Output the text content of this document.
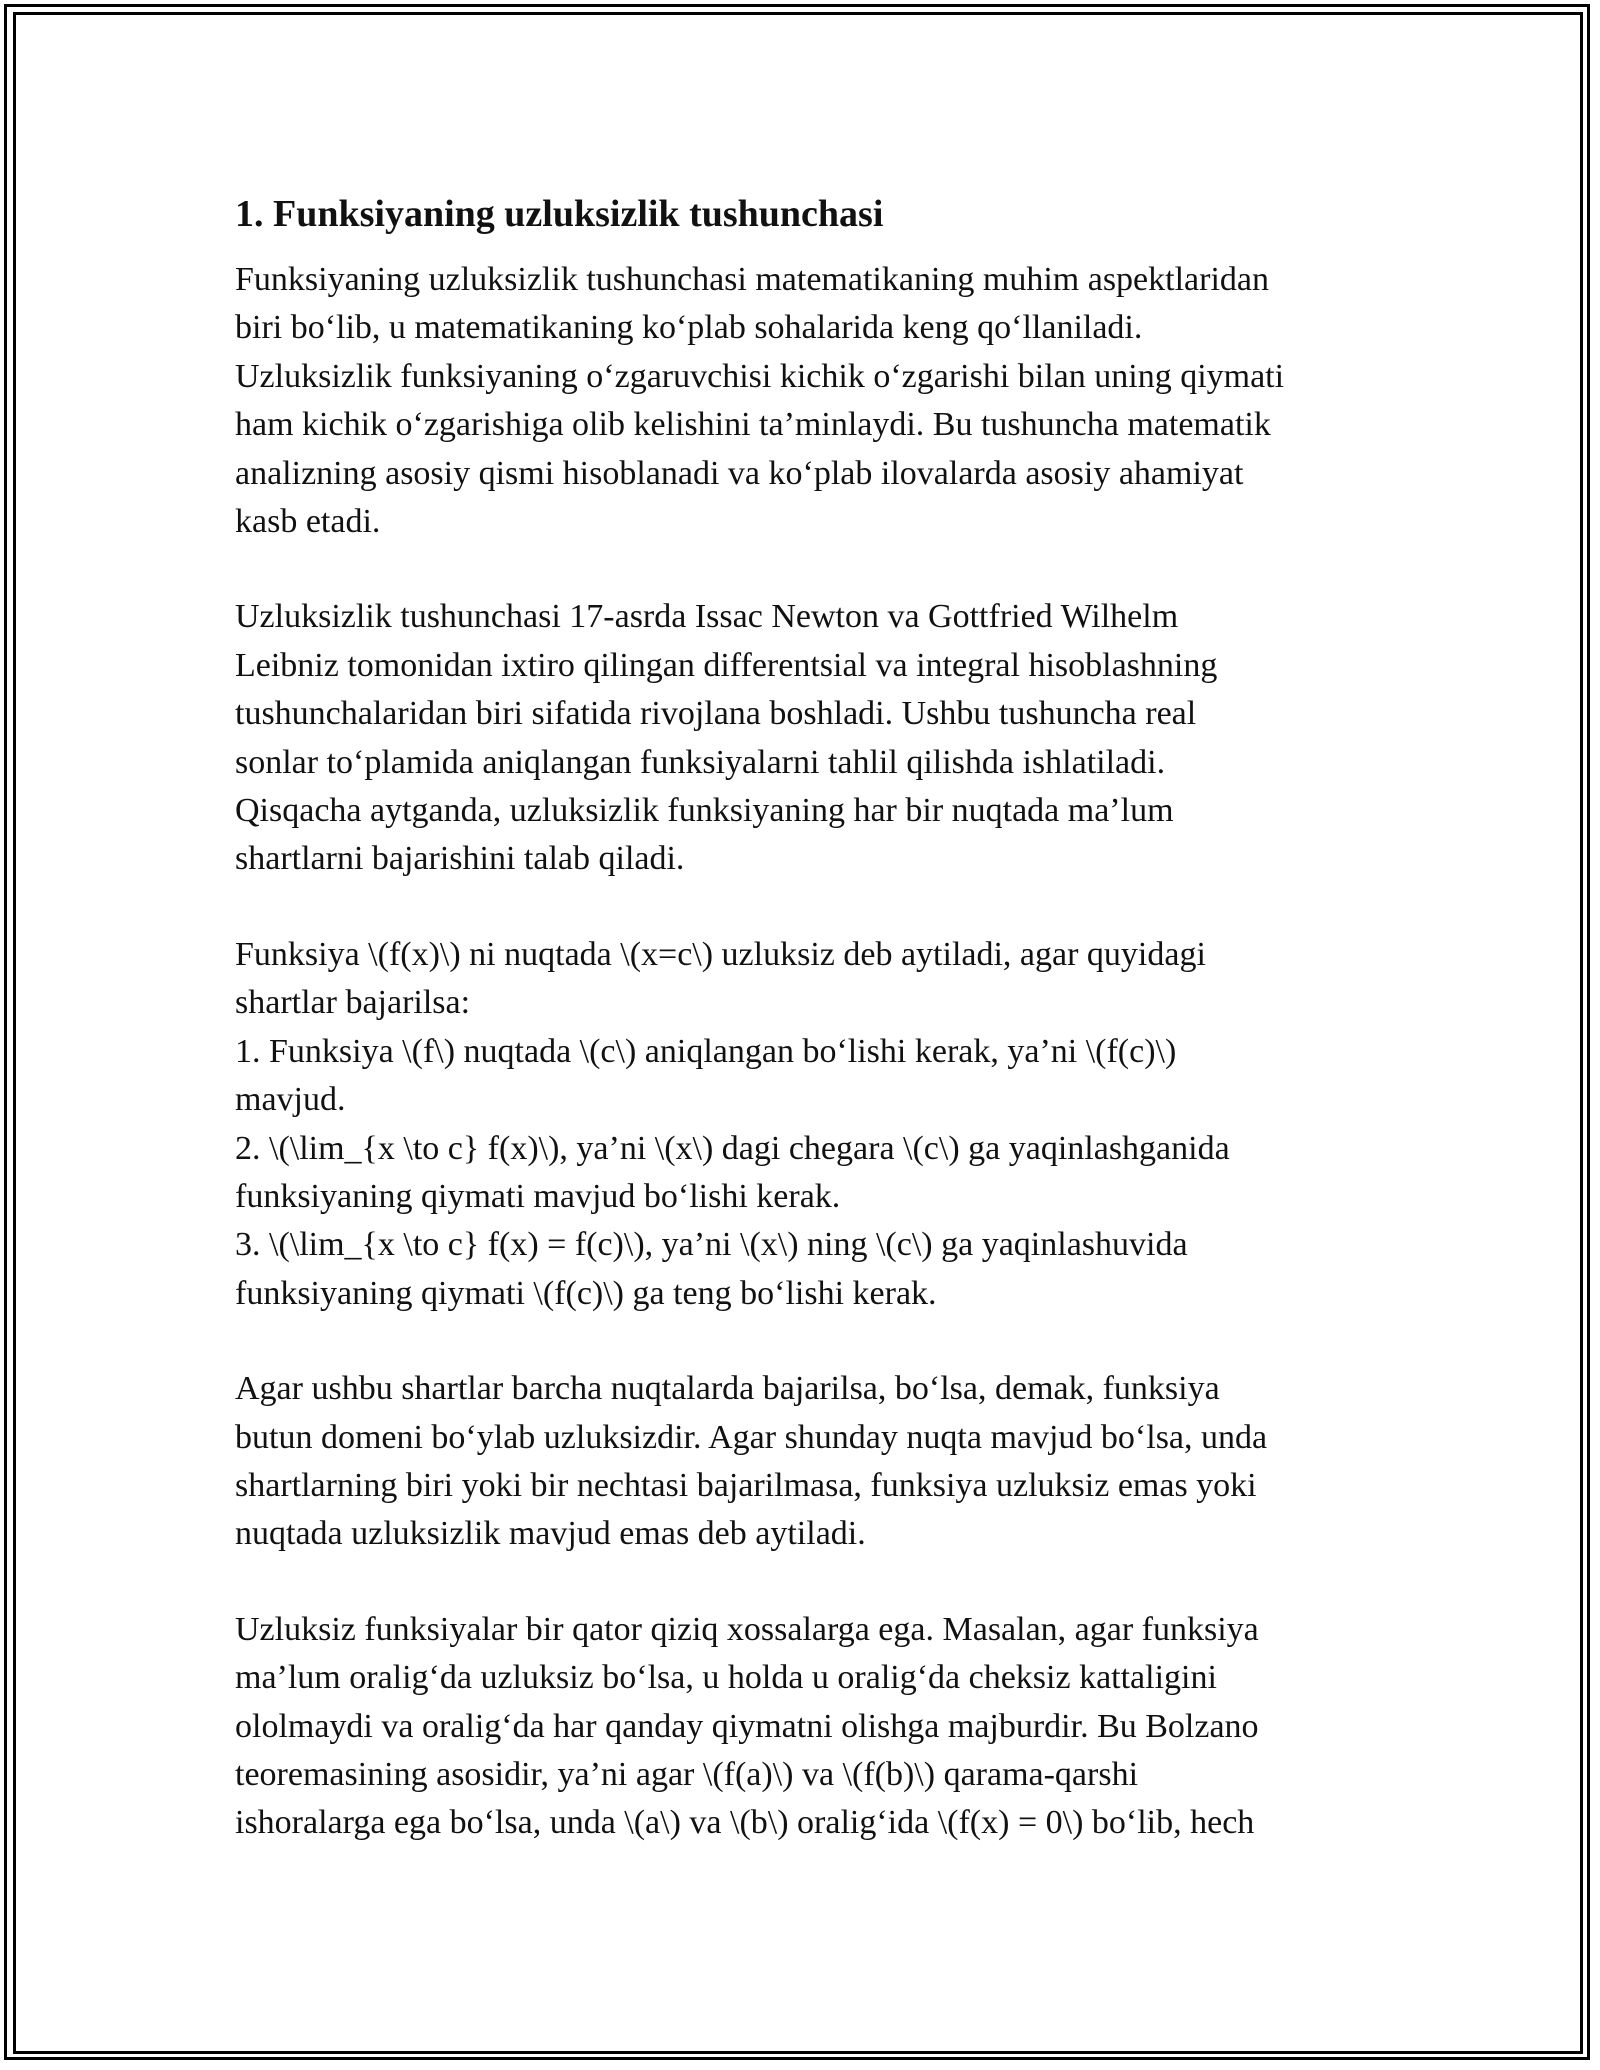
1. Funksiyaning uzluksizlik tushunchasi

Funksiyaning uzluksizlik tushunchasi matematikaning muhim aspektlaridan
biri bo‘lib, u matematikaning ko‘plab sohalarida keng qo‘llaniladi.
Uzluksizlik funksiyaning o‘zgaruvchisi kichik o‘zgarishi bilan uning qiymati
ham kichik o‘zgarishiga olib kelishini ta’minlaydi. Bu tushuncha matematik
analizning asosiy qismi hisoblanadi va ko‘plab ilovalarda asosiy ahamiyat
kasb etadi.

Uzluksizlik tushunchasi 17-asrda Issac Newton va Gottfried Wilhelm
Leibniz tomonidan ixtiro qilingan differentsial va integral hisoblashning
tushunchalaridan biri sifatida rivojlana boshladi. Ushbu tushuncha real
sonlar to‘plamida aniqlangan funksiyalarni tahlil qilishda ishlatiladi.
Qisqacha aytganda, uzluksizlik funksiyaning har bir nuqtada ma’lum
shartlarni bajarishini talab qiladi.

Funksiya \(f(x)\) ni nuqtada \(x=c\) uzluksiz deb aytiladi, agar quyidagi
shartlar bajarilsa:
1. Funksiya \(f\) nuqtada \(c\) aniqlangan bo‘lishi kerak, ya’ni \(f(c)\)
mavjud.
2. \(\lim_{x \to c} f(x)\), ya’ni \(x\) dagi chegara \(c\) ga yaqinlashganida
funksiyaning qiymati mavjud bo‘lishi kerak.
3. \(\lim_{x \to c} f(x) = f(c)\), ya’ni \(x\) ning \(c\) ga yaqinlashuvida
funksiyaning qiymati \(f(c)\) ga teng bo‘lishi kerak.

Agar ushbu shartlar barcha nuqtalarda bajarilsa, bo‘lsa, demak, funksiya
butun domeni bo‘ylab uzluksizdir. Agar shunday nuqta mavjud bo‘lsa, unda
shartlarning biri yoki bir nechtasi bajarilmasa, funksiya uzluksiz emas yoki
nuqtada uzluksizlik mavjud emas deb aytiladi.

Uzluksiz funksiyalar bir qator qiziq xossalarga ega. Masalan, agar funksiya
ma’lum oralig‘da uzluksiz bo‘lsa, u holda u oralig‘da cheksiz kattaligini
ololmaydi va oralig‘da har qanday qiymatni olishga majburdir. Bu Bolzano
teoremasining asosidir, ya’ni agar \(f(a)\) va \(f(b)\) qarama-qarshi
ishoralarga ega bo‘lsa, unda \(a\) va \(b\) oralig‘ida \(f(x) = 0\) bo‘lib, hech
